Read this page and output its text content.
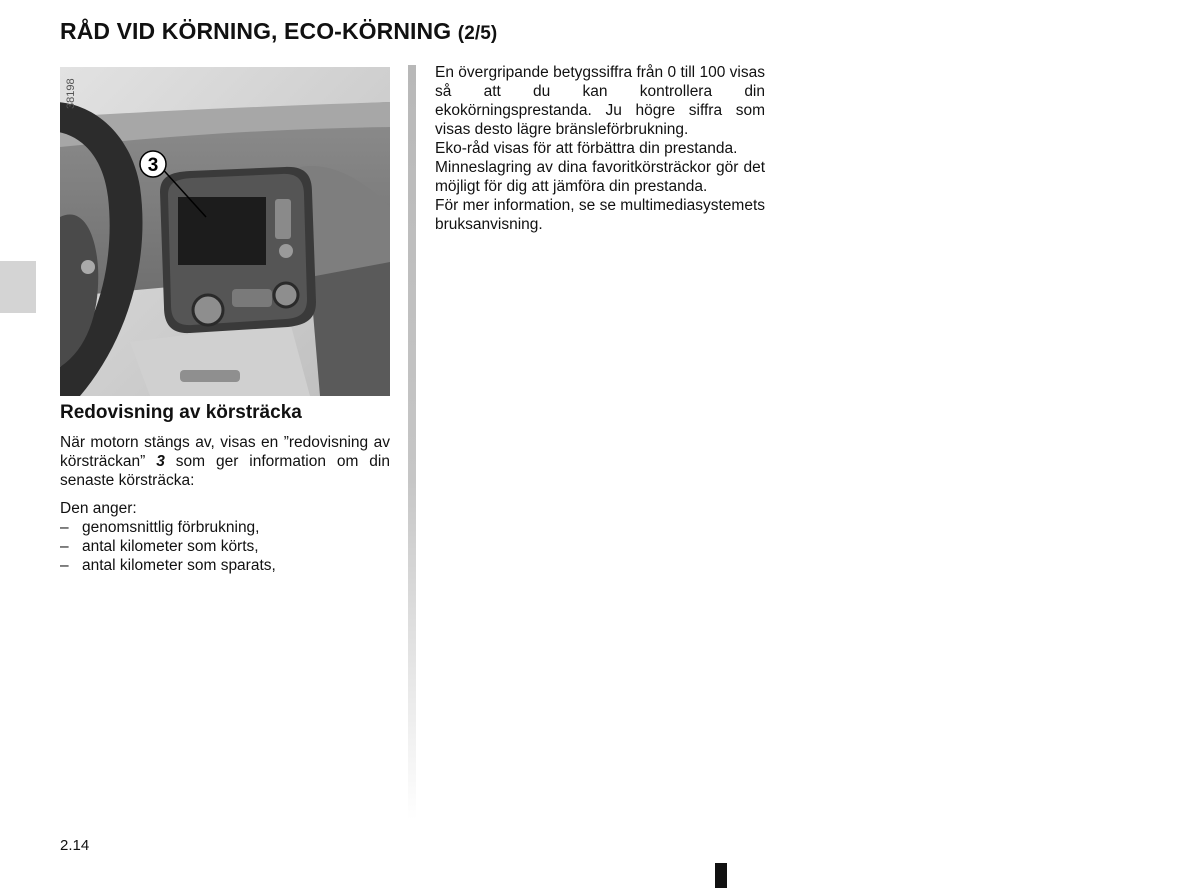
RÅD VID KÖRNING, ECO-KÖRNING (2/5)
3
38198
Redovisning av körsträcka

När motorn stängs av, visas en ”redovisning av körsträckan” 3 som ger information om din senaste körsträcka:

Den anger:

– genomsnittlig förbrukning,
– antal kilometer som körts,
– antal kilometer som sparats,

En övergripande betygssiffra från 0 till 100 visas så att du kan kontrollera din ekokörningsprestanda. Ju högre siffra som visas desto lägre bränsleförbrukning.

Eko-råd visas för att förbättra din prestanda.

Minneslagring av dina favoritkörsträckor gör det möjligt för dig att jämföra din prestanda.

För mer information, se se multimediasystemets bruksanvisning.

2.14
